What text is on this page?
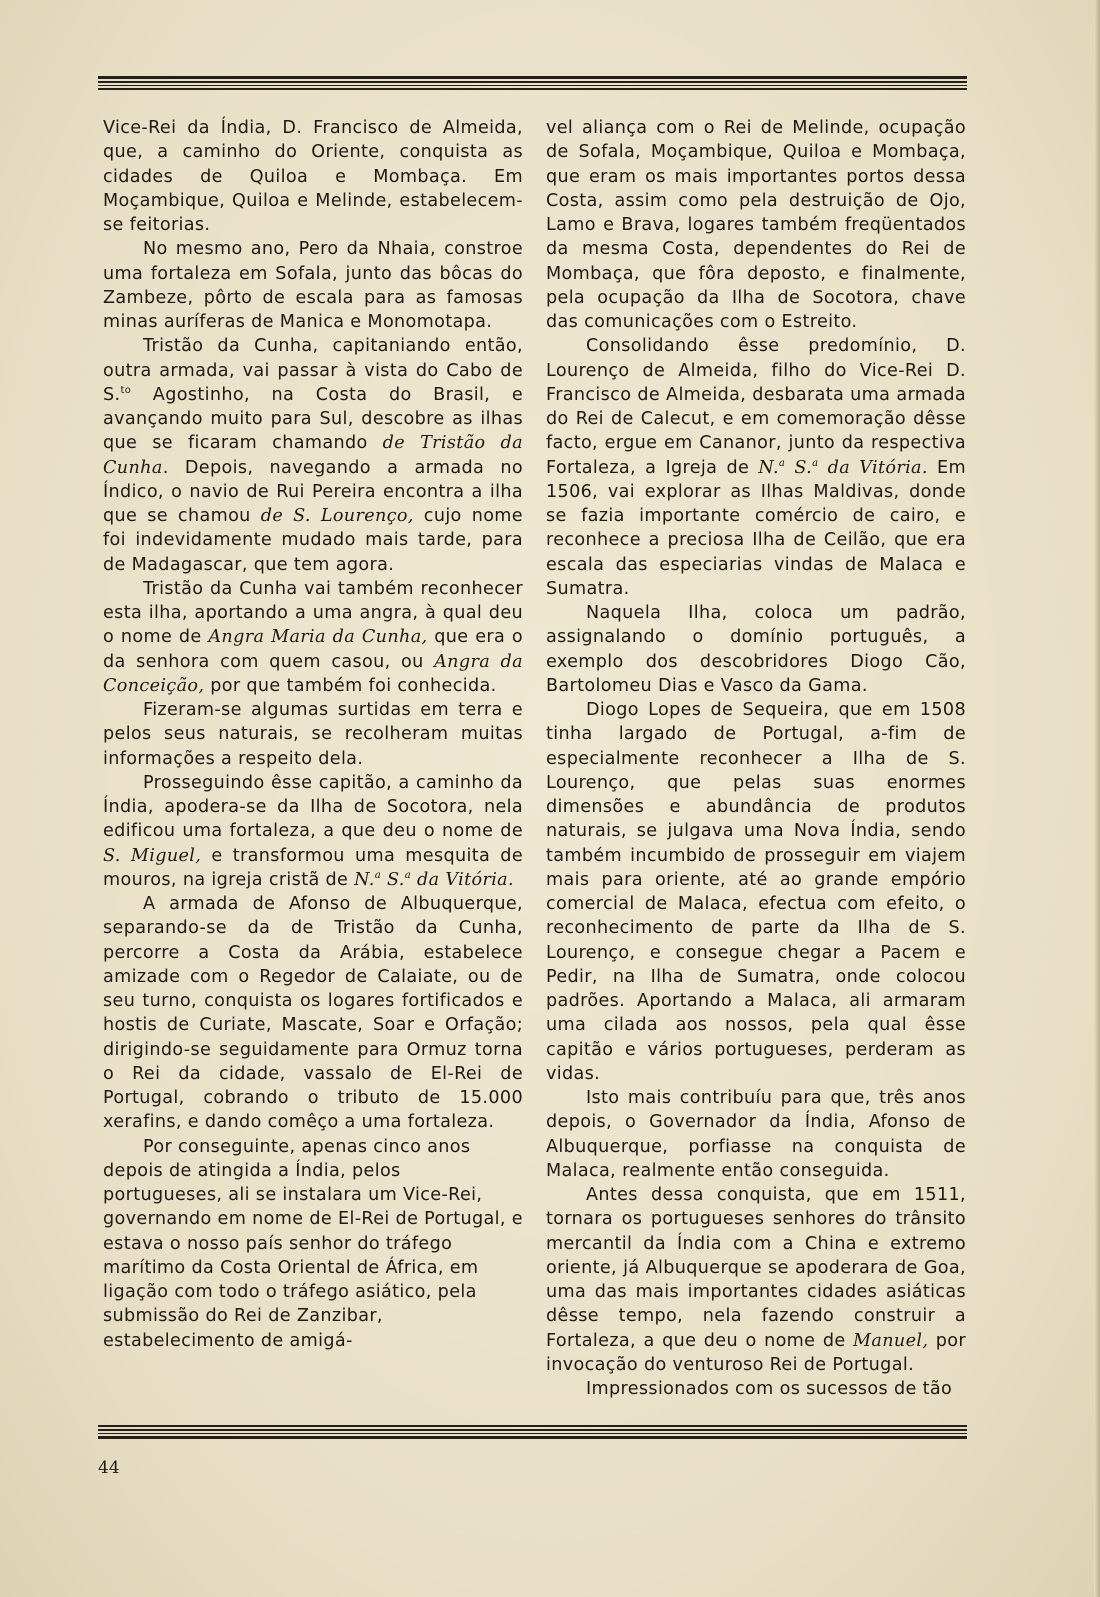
Vice-Rei da Índia, D. Francisco de Almeida, que, a caminho do Oriente, conquista as cidades de Quiloa e Mombaça. Em Moçambique, Quiloa e Melinde, estabelecem-se feitorias.

No mesmo ano, Pero da Nhaia, constroe uma fortaleza em Sofala, junto das bôcas do Zambeze, pôrto de escala para as famosas minas auríferas de Manica e Monomotapa.

Tristão da Cunha, capitaniando então, outra armada, vai passar à vista do Cabo de S.$^{to}$ Agostinho, na Costa do Brasil, e avançando muito para Sul, descobre as ilhas que se ficaram chamando de Tristão da Cunha. Depois, navegando a armada no Índico, o navio de Rui Pereira encontra a ilha que se chamou de S. Lourenço, cujo nome foi indevidamente mudado mais tarde, para de Madagascar, que tem agora.

Tristão da Cunha vai também reconhecer esta ilha, aportando a uma angra, à qual deu o nome de Angra Maria da Cunha, que era o da senhora com quem casou, ou Angra da Conceição, por que também foi conhecida.

Fizeram-se algumas surtidas em terra e pelos seus naturais, se recolheram muitas informações a respeito dela.

Prosseguindo êsse capitão, a caminho da Índia, apodera-se da Ilha de Socotora, nela edificou uma fortaleza, a que deu o nome de S. Miguel, e transformou uma mesquita de mouros, na igreja cristã de N.$^a$ S.$^a$ da Vitória.

A armada de Afonso de Albuquerque, separando-se da de Tristão da Cunha, percorre a Costa da Arábia, estabelece amizade com o Regedor de Calaiate, ou de seu turno, conquista os logares fortificados e hostis de Curiate, Mascate, Soar e Orfação; dirigindo-se seguidamente para Ormuz torna o Rei da cidade, vassalo de El-Rei de Portugal, cobrando o tributo de 15.000 xerafins, e dando comêço a uma fortaleza.

Por conseguinte, apenas cinco anos depois de atingida a Índia, pelos portugueses, ali se instalara um Vice-Rei, governando em nome de El-Rei de Portugal, e estava o nosso país senhor do tráfego marítimo da Costa Oriental de África, em ligação com todo o tráfego asiático, pela submissão do Rei de Zanzibar, estabelecimento de amigá-

vel aliança com o Rei de Melinde, ocupação de Sofala, Moçambique, Quiloa e Mombaça, que eram os mais importantes portos dessa Costa, assim como pela destruição de Ojo, Lamo e Brava, logares também freqüentados da mesma Costa, dependentes do Rei de Mombaça, que fôra deposto, e finalmente, pela ocupação da Ilha de Socotora, chave das comunicações com o Estreito.

Consolidando êsse predomínio, D. Lourenço de Almeida, filho do Vice-Rei D. Francisco de Almeida, desbarata uma armada do Rei de Calecut, e em comemoração dêsse facto, ergue em Cananor, junto da respectiva Fortaleza, a Igreja de N.$^a$ S.$^a$ da Vitória. Em 1506, vai explorar as Ilhas Maldivas, donde se fazia importante comércio de cairo, e reconhece a preciosa Ilha de Ceilão, que era escala das especiarias vindas de Malaca e Sumatra.

Naquela Ilha, coloca um padrão, assignalando o domínio português, a exemplo dos descobridores Diogo Cão, Bartolomeu Dias e Vasco da Gama.

Diogo Lopes de Sequeira, que em 1508 tinha largado de Portugal, a-fim de especialmente reconhecer a Ilha de S. Lourenço, que pelas suas enormes dimensões e abundância de produtos naturais, se julgava uma Nova Índia, sendo também incumbido de prosseguir em viajem mais para oriente, até ao grande empório comercial de Malaca, efectua com efeito, o reconhecimento de parte da Ilha de S. Lourenço, e consegue chegar a Pacem e Pedir, na Ilha de Sumatra, onde colocou padrões. Aportando a Malaca, ali armaram uma cilada aos nossos, pela qual êsse capitão e vários portugueses, perderam as vidas.

Isto mais contribuíu para que, três anos depois, o Governador da Índia, Afonso de Albuquerque, porfiasse na conquista de Malaca, realmente então conseguida.

Antes dessa conquista, que em 1511, tornara os portugueses senhores do trânsito mercantil da Índia com a China e extremo oriente, já Albuquerque se apoderara de Goa, uma das mais importantes cidades asiáticas dêsse tempo, nela fazendo construir a Fortaleza, a que deu o nome de Manuel, por invocação do venturoso Rei de Portugal.

Impressionados com os sucessos de tão

44
